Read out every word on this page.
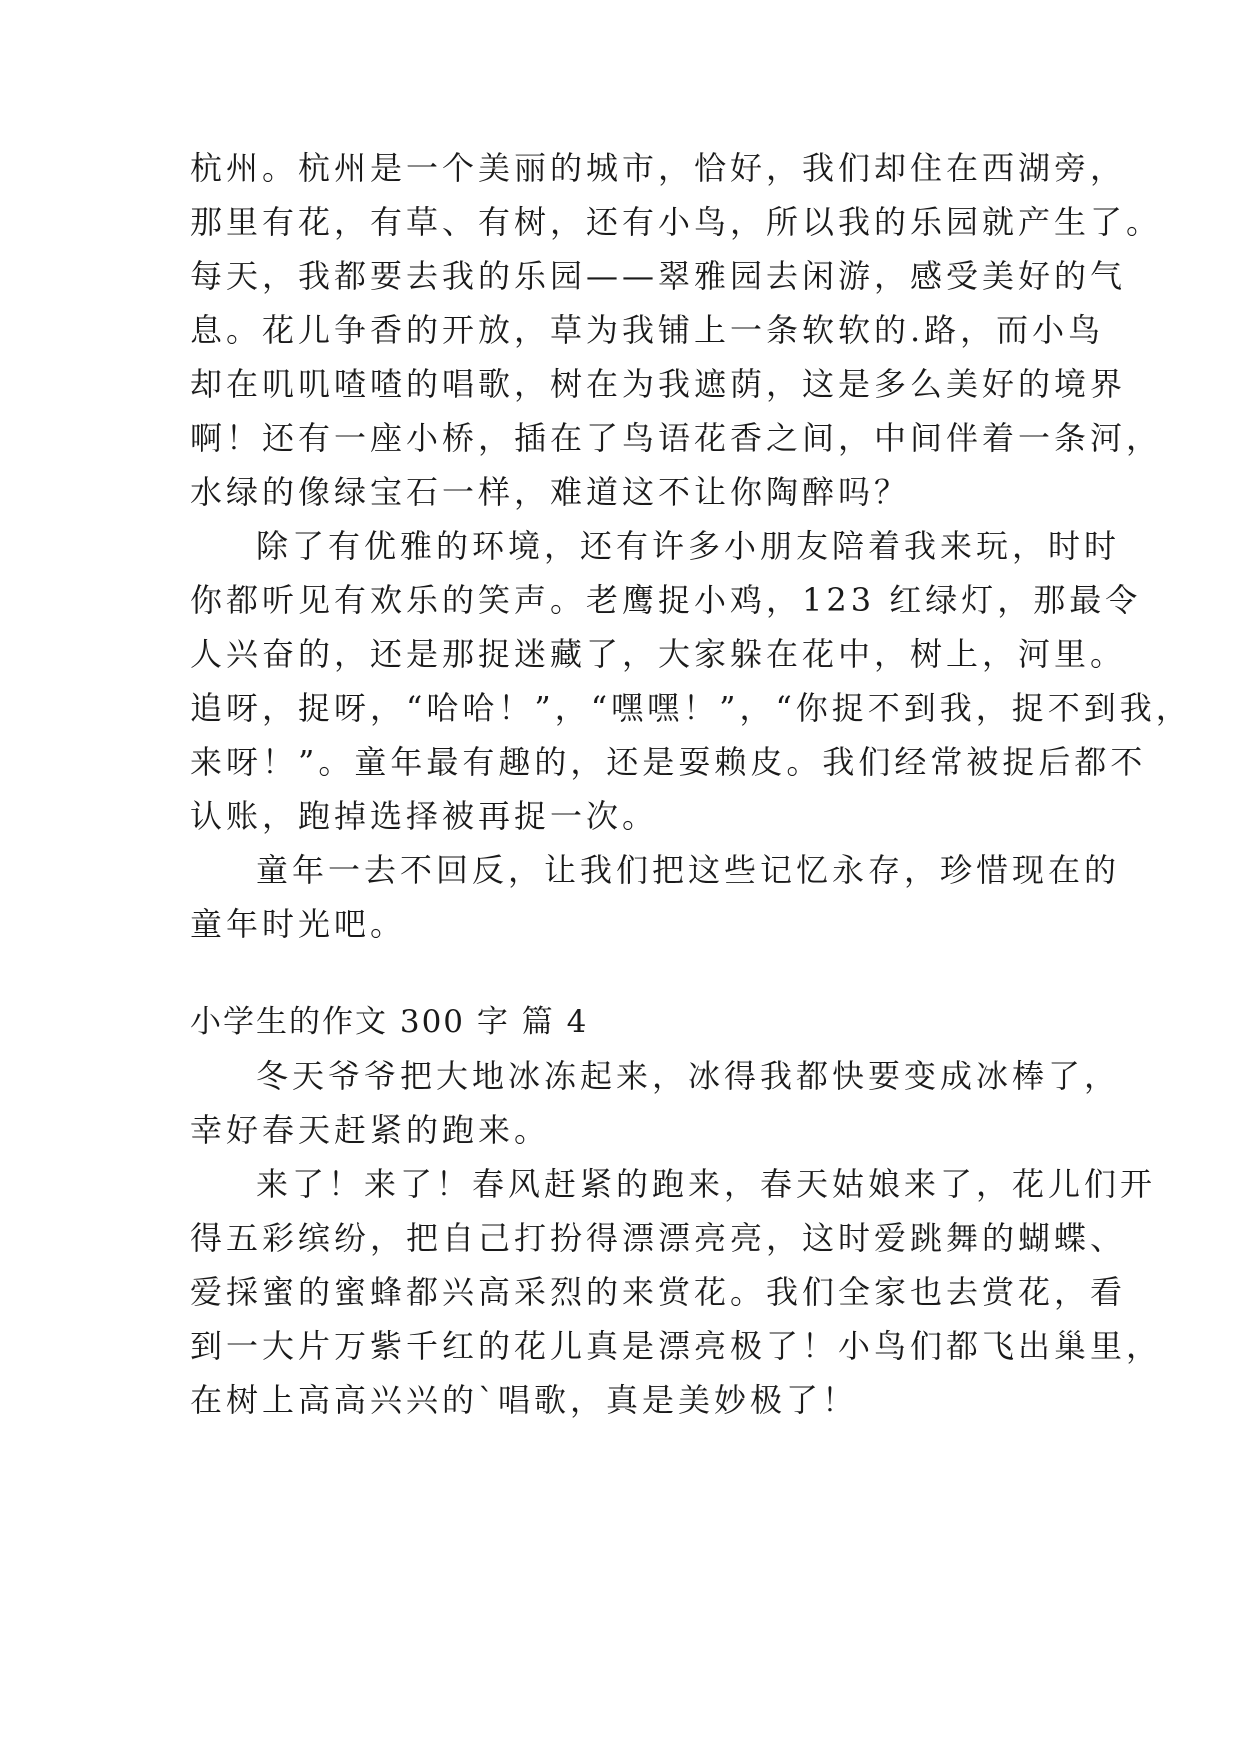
杭州。杭州是一个美丽的城市，恰好，我们却住在西湖旁，
那里有花，有草、有树，还有小鸟，所以我的乐园就产生了。
每天，我都要去我的乐园——翠雅园去闲游，感受美好的气
息。花儿争香的开放，草为我铺上一条软软的.路，而小鸟
却在叽叽喳喳的唱歌，树在为我遮荫，这是多么美好的境界
啊！还有一座小桥，插在了鸟语花香之间，中间伴着一条河，
水绿的像绿宝石一样，难道这不让你陶醉吗？
除了有优雅的环境，还有许多小朋友陪着我来玩，时时
你都听见有欢乐的笑声。老鹰捉小鸡，123 红绿灯，那最令
人兴奋的，还是那捉迷藏了，大家躲在花中，树上，河里。
追呀，捉呀，“哈哈！”，“嘿嘿！”，“你捉不到我，捉不到我，
来呀！”。童年最有趣的，还是耍赖皮。我们经常被捉后都不
认账，跑掉选择被再捉一次。
童年一去不回反，让我们把这些记忆永存，珍惜现在的
童年时光吧。
小学生的作文 300 字 篇 4
冬天爷爷把大地冰冻起来，冰得我都快要变成冰棒了，
幸好春天赶紧的跑来。
来了！来了！春风赶紧的跑来，春天姑娘来了，花儿们开
得五彩缤纷，把自己打扮得漂漂亮亮，这时爱跳舞的蝴蝶、
爱採蜜的蜜蜂都兴高采烈的来赏花。我们全家也去赏花，看
到一大片万紫千红的花儿真是漂亮极了！小鸟们都飞出巢里，
在树上高高兴兴的`唱歌，真是美妙极了！
